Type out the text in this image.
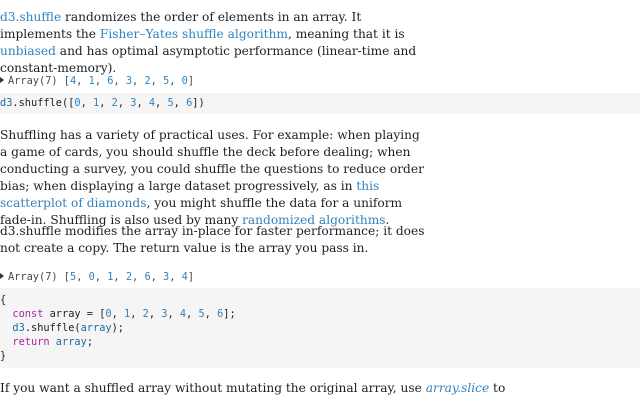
d3.shuffle randomizes the order of elements in an array. It implements the Fisher–Yates shuffle algorithm, meaning that it is unbiased and has optimal asymptotic performance (linear-time and constant-memory).

Array(7) [4, 1, 6, 3, 2, 5, 0]
d3.shuffle([0, 1, 2, 3, 4, 5, 6])

Shuffling has a variety of practical uses. For example: when playing a game of cards, you should shuffle the deck before dealing; when conducting a survey, you could shuffle the questions to reduce order bias; when displaying a large dataset progressively, as in this scatterplot of diamonds, you might shuffle the data for a uniform fade-in. Shuffling is also used by many randomized algorithms.

d3.shuffle modifies the array in-place for faster performance; it does not create a copy. The return value is the array you pass in.

Array(7) [5, 0, 1, 2, 6, 3, 4]
{
const array = [0, 1, 2, 3, 4, 5, 6];
d3.shuffle(array);
return array;
}

If you want a shuffled array without mutating the original array, use array.slice to
